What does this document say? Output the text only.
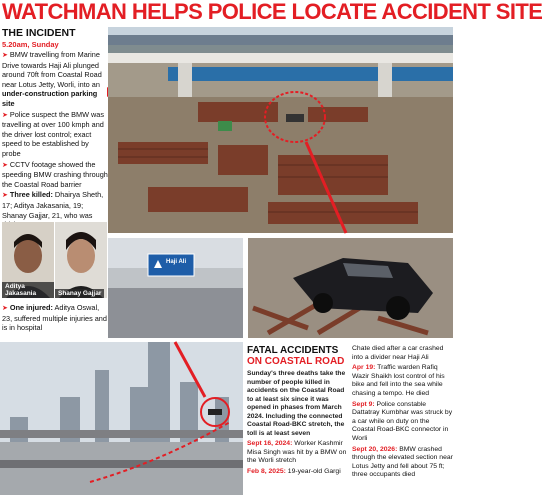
WATCHMAN HELPS POLICE LOCATE ACCIDENT SITE
THE INCIDENT
5.20am, Sunday
➤ BMW travelling from Marine Drive towards Haji Ali plunged around 70ft from Coastal Road near Lotus Jetty, Worli, into an under-construction parking site
➤ Police suspect the BMW was travelling at over 100 kmph and the driver lost control; exact speed to be established by probe
➤ CCTV footage showed the speeding BMW crashing through the Coastal Road barrier
➤ Three killed: Dhairya Sheth, 17; Aditya Jakasania, 19; Shanay Gajjar, 21, who was
Aditya Jakasania	Shanay Gajjar
➤ One injured: Aditya Oswal, 23, suffered multiple injuries and is in hospital
Haji Ali
FATAL ACCIDENTS
ON COASTAL ROAD
Sunday's three deaths take the number of people killed in accidents on the Coastal Road to at least six since it was opened in phases from March 2024. Including the connected Coastal Road-BKC stretch, the toll is at least seven
Sept 16, 2024: Worker Kashmir Misa Singh was hit by a BMW on the Worli stretch
Feb 8, 2025: 19-year-old Gargi
Chate died after a car crashed into a divider near Haji Ali
Apr 19: Traffic warden Rafiq Wazir Shaikh lost control of his bike and fell into the sea while chasing a tempo. He died
Sept 9: Police constable Dattatray Kumbhar was struck by a car while on duty on the Coastal Road-BKC connector in Worli
Sept 20, 2026: BMW crashed through the elevated section near Lotus Jetty and fell about 75 ft; three occupants died
